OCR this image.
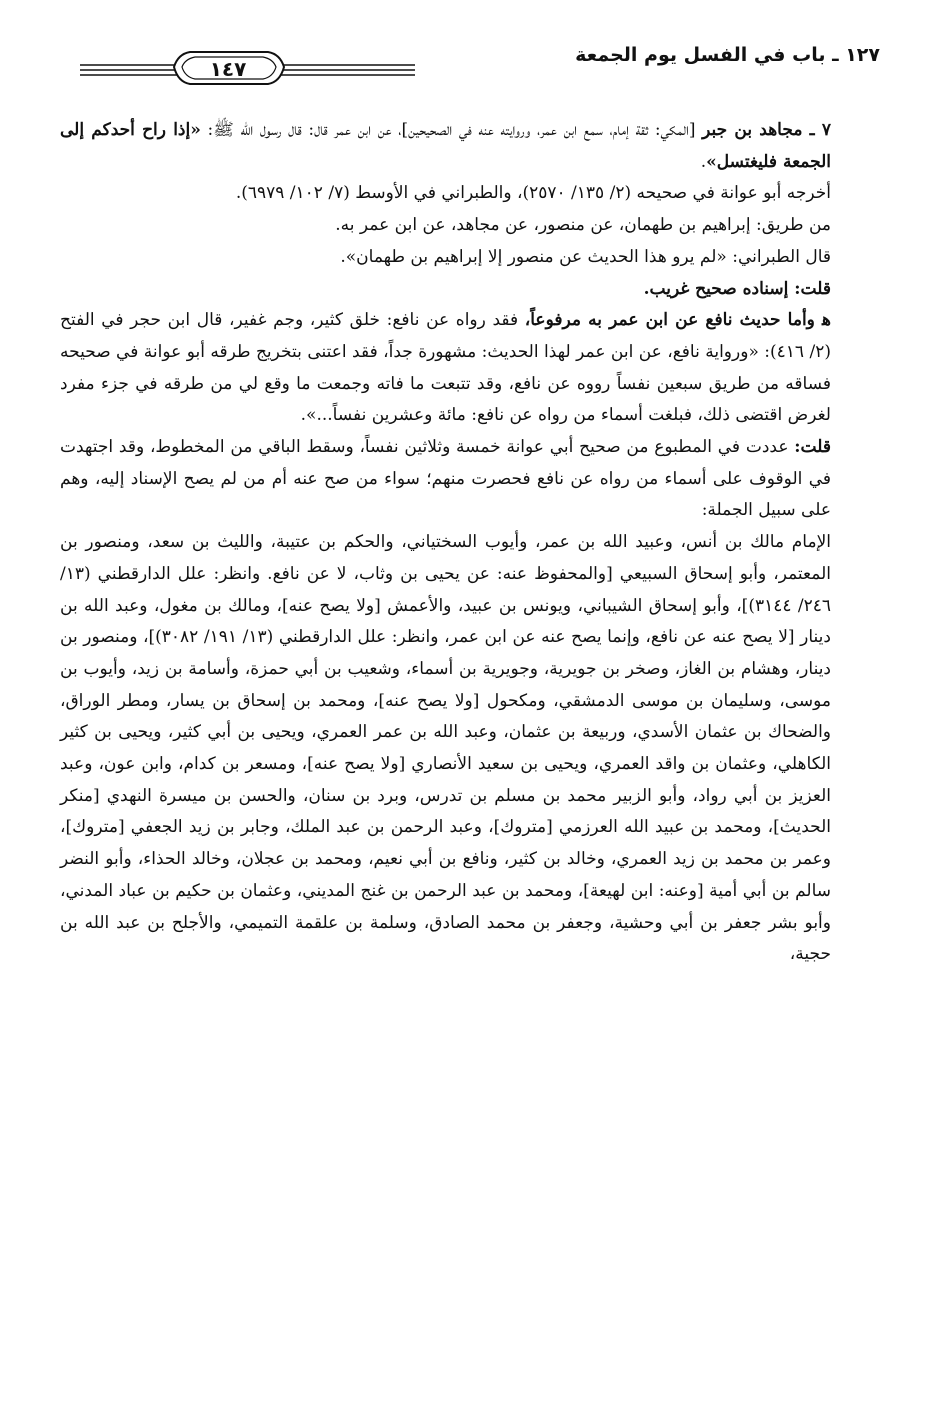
١٢٧ ـ باب في الفسل يوم الجمعة
١٤٧

٧ ـ مجاهد بن جبر [المكي: ثقة إمام، سمع ابن عمر، وروايته عنه في الصحيحين]، عن ابن عمر قال: قال رسول الله ﷺ: «إذا راح أحدكم إلى الجمعة فليغتسل».

أخرجه أبو عوانة في صحيحه (٢/ ١٣٥/ ٢٥٧٠)، والطبراني في الأوسط (٧/ ١٠٢/ ٦٩٧٩).

من طريق: إبراهيم بن طهمان، عن منصور، عن مجاهد، عن ابن عمر به.

قال الطبراني: «لم يرو هذا الحديث عن منصور إلا إبراهيم بن طهمان».

قلت: إسناده صحيح غريب.

ﻫ وأما حديث نافع عن ابن عمر به مرفوعاً، فقد رواه عن نافع: خلق كثير، وجم غفير، قال ابن حجر في الفتح (٢/ ٤١٦): «ورواية نافع، عن ابن عمر لهذا الحديث: مشهورة جداً، فقد اعتنى بتخريج طرقه أبو عوانة في صحيحه فساقه من طريق سبعين نفساً رووه عن نافع، وقد تتبعت ما فاته وجمعت ما وقع لي من طرقه في جزء مفرد لغرض اقتضى ذلك، فبلغت أسماء من رواه عن نافع: مائة وعشرين نفساً...».

قلت: عددت في المطبوع من صحيح أبي عوانة خمسة وثلاثين نفساً، وسقط الباقي من المخطوط، وقد اجتهدت في الوقوف على أسماء من رواه عن نافع فحصرت منهم؛ سواء من صح عنه أم من لم يصح الإسناد إليه، وهم على سبيل الجملة:

الإمام مالك بن أنس، وعبيد الله بن عمر، وأيوب السختياني، والحكم بن عتيبة، والليث بن سعد، ومنصور بن المعتمر، وأبو إسحاق السبيعي [والمحفوظ عنه: عن يحيى بن وثاب، لا عن نافع. وانظر: علل الدارقطني (١٣/ ٢٤٦/ ٣١٤٤)]، وأبو إسحاق الشيباني، ويونس بن عبيد، والأعمش [ولا يصح عنه]، ومالك بن مغول، وعبد الله بن دينار [لا يصح عنه عن نافع، وإنما يصح عنه عن ابن عمر، وانظر: علل الدارقطني (١٣/ ١٩١/ ٣٠٨٢)]، ومنصور بن دينار، وهشام بن الغاز، وصخر بن جويرية، وجويرية بن أسماء، وشعيب بن أبي حمزة، وأسامة بن زيد، وأيوب بن موسى، وسليمان بن موسى الدمشقي، ومكحول [ولا يصح عنه]، ومحمد بن إسحاق بن يسار، ومطر الوراق، والضحاك بن عثمان الأسدي، وربيعة بن عثمان، وعبد الله بن عمر العمري، ويحيى بن أبي كثير، ويحيى بن كثير الكاهلي، وعثمان بن واقد العمري، ويحيى بن سعيد الأنصاري [ولا يصح عنه]، ومسعر بن كدام، وابن عون، وعبد العزيز بن أبي رواد، وأبو الزبير محمد بن مسلم بن تدرس، وبرد بن سنان، والحسن بن ميسرة النهدي [منكر الحديث]، ومحمد بن عبيد الله العرزمي [متروك]، وعبد الرحمن بن عبد الملك، وجابر بن زيد الجعفي [متروك]، وعمر بن محمد بن زيد العمري، وخالد بن كثير، ونافع بن أبي نعيم، ومحمد بن عجلان، وخالد الحذاء، وأبو النضر سالم بن أبي أمية [وعنه: ابن لهيعة]، ومحمد بن عبد الرحمن بن غنج المديني، وعثمان بن حكيم بن عباد المدني، وأبو بشر جعفر بن أبي وحشية، وجعفر بن محمد الصادق، وسلمة بن علقمة التميمي، والأجلح بن عبد الله بن حجية،
